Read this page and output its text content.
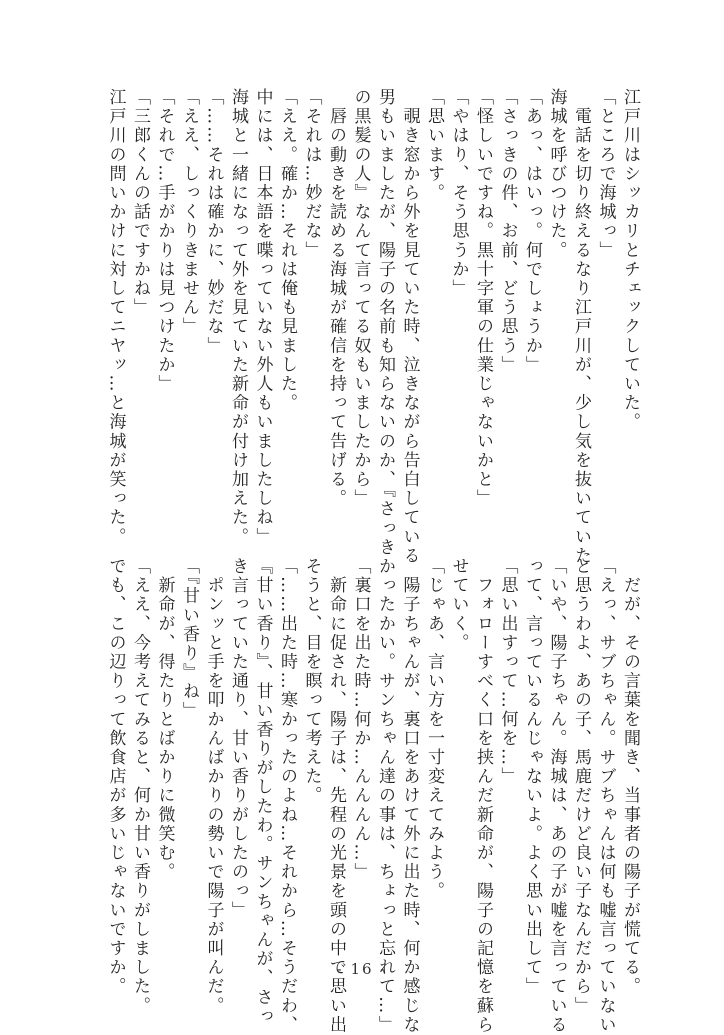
江戸川はシッカリとチェックしていた。
「ところで海城っ」
　電話を切り終えるなり江戸川が、少し気を抜いていた
海城を呼びつけた。
「あっ、はいっ。何でしょうか」
「さっきの件、お前、どう思う」
「怪しいですね。黒十字軍の仕業じゃないかと」
「やはり、そう思うか」
「思います。
　覗き窓から外を見ていた時、泣きながら告白している
男もいましたが、陽子の名前も知らないのか、『さっき
の黒髪の人』なんて言ってる奴もいましたから」
　唇の動きを読める海城が確信を持って告げる。
「それは…妙だな」
「ええ。確か…それは俺も見ました。
中には、日本語を喋っていない外人もいましたしね」
海城と一緒になって外を見ていた新命が付け加えた。
「……それは確かに、妙だな」
「ええ、しっくりきません」
「それで…手がかりは見つけたか」
「三郎くんの話ですかね」
江戸川の問いかけに対してニヤッ…と海城が笑った。
　だが、その言葉を聞き、当事者の陽子が慌てる。
「えっ、サブちゃん。サブちゃんは何も嘘言っていない
と思うわよ、あの子、馬鹿だけど良い子なんだから」
「いや、陽子ちゃん。海城は、あの子が嘘を言っている
って、言っているんじゃないよ。よく思い出して」
「思い出すって…何を…」
　フォローすべく口を挟んだ新命が、陽子の記憶を蘇ら
せていく。
「じゃあ、言い方を一寸変えてみよう。
　陽子ちゃんが、裏口をあけて外に出た時、何か感じな
かったかい。サンちゃん達の事は、ちょっと忘れて…」
「裏口を出た時…何か…んんんん…」
　新命に促され、陽子は、先程の光景を頭の中で思い出
そうと、目を瞑って考えた。
「……出た時…寒かったのよね…それから…そうだわ、
『甘い香り』、甘い香りがしたわ。サンちゃんが、さっ
き言っていた通り、甘い香りがしたのっ」
　ポンッと手を叩かんばかりの勢いで陽子が叫んだ。
「『甘い香り』ね」
　新命が、得たりとばかりに微笑む。
「ええ、今考えてみると、何か甘い香りがしました。
でも、この辺りって飲食店が多いじゃないですか。	- 16 -
